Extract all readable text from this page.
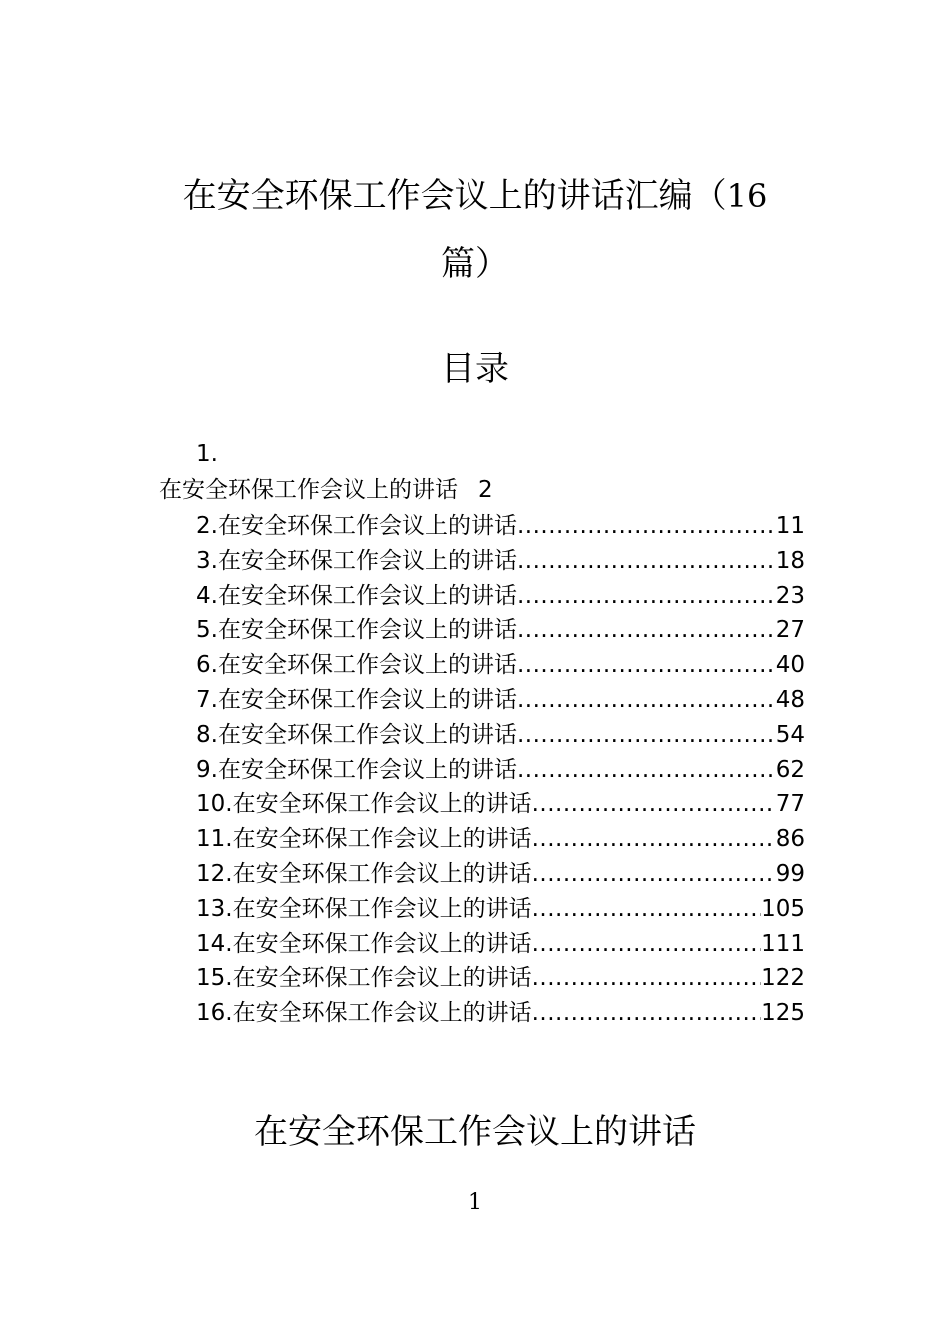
在安全环保工作会议上的讲话汇编（16
篇）
目录
1.
在安全环保工作会议上的讲话 2
2.在安全环保工作会议上的讲话 .....	11
3.在安全环保工作会议上的讲话 .....	18
4.在安全环保工作会议上的讲话 .....	23
5.在安全环保工作会议上的讲话 .....	27
6.在安全环保工作会议上的讲话 .....	40
7.在安全环保工作会议上的讲话 .....	48
8.在安全环保工作会议上的讲话 .....	54
9.在安全环保工作会议上的讲话 .....	62
10.在安全环保工作会议上的讲话 .....	77
11.在安全环保工作会议上的讲话 .....	86
12.在安全环保工作会议上的讲话 .....	99
13.在安全环保工作会议上的讲话 .....	105
14.在安全环保工作会议上的讲话 .....	111
15.在安全环保工作会议上的讲话 .....	122
16.在安全环保工作会议上的讲话 .....	125
在安全环保工作会议上的讲话
1
